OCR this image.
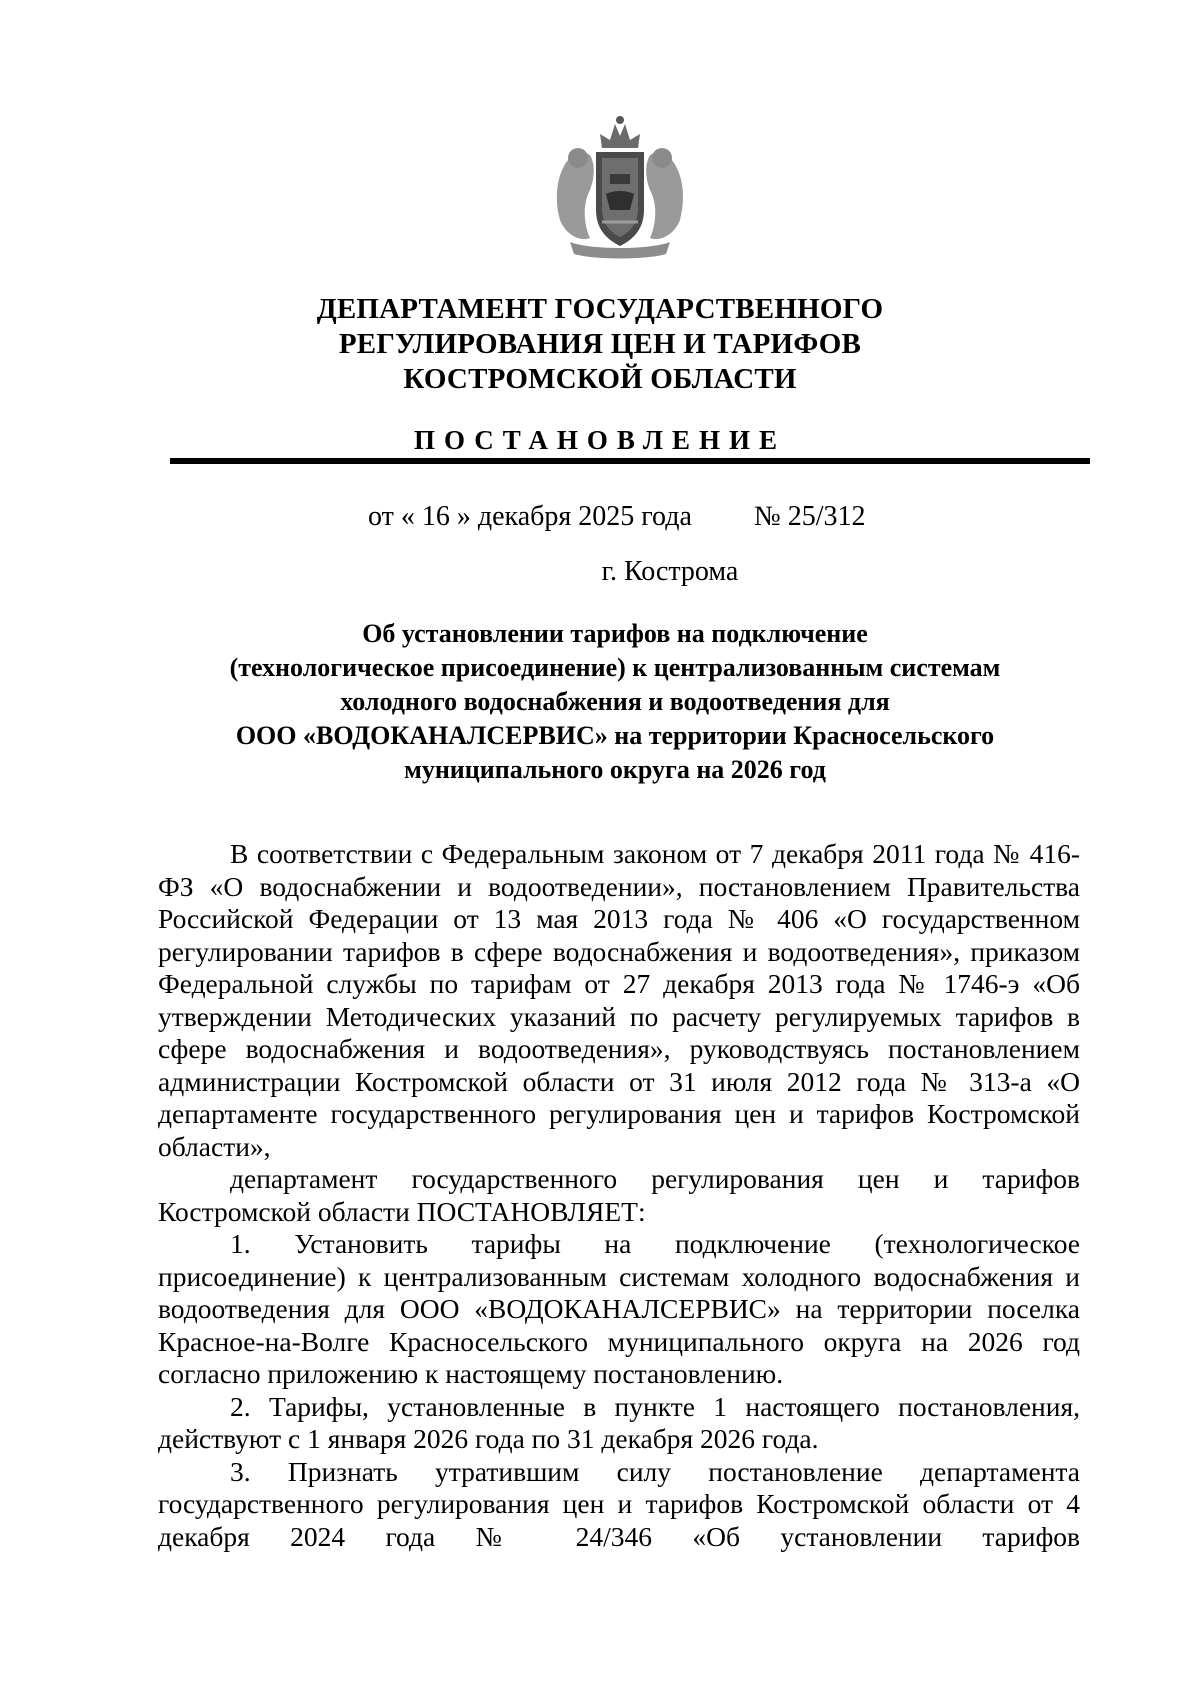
ДЕПАРТАМЕНТ ГОСУДАРСТВЕННОГО
РЕГУЛИРОВАНИЯ ЦЕН И ТАРИФОВ
КОСТРОМСКОЙ ОБЛАСТИ
ПОСТАНОВЛЕНИЕ
от « 16 » декабря 2025 года № 25/312
г. Кострома
Об установлении тарифов на подключение
(технологическое присоединение) к централизованным системам
холодного водоснабжения и водоотведения для
ООО «ВОДОКАНАЛСЕРВИС» на территории Красносельского
муниципального округа на 2026 год

В соответствии с Федеральным законом от 7 декабря 2011 года № 416-ФЗ «О водоснабжении и водоотведении», постановлением Правительства Российской Федерации от 13 мая 2013 года № 406 «О государственном регулировании тарифов в сфере водоснабжения и водоотведения», приказом Федеральной службы по тарифам от 27 декабря 2013 года № 1746-э «Об утверждении Методических указаний по расчету регулируемых тарифов в сфере водоснабжения и водоотведения», руководствуясь постановлением администрации Костромской области от 31 июля 2012 года № 313-а «О департаменте государственного регулирования цен и тарифов Костромской области»,

департамент государственного регулирования цен и тарифов Костромской области ПОСТАНОВЛЯЕТ:

1. Установить тарифы на подключение (технологическое присоединение) к централизованным системам холодного водоснабжения и водоотведения для ООО «ВОДОКАНАЛСЕРВИС» на территории поселка Красное-на-Волге Красносельского муниципального округа на 2026 год согласно приложению к настоящему постановлению.

2. Тарифы, установленные в пункте 1 настоящего постановления, действуют с 1 января 2026 года по 31 декабря 2026 года.

3. Признать утратившим силу постановление департамента государственного регулирования цен и тарифов Костромской области от 4 декабря 2024 года № 24/346 «Об установлении тарифов
